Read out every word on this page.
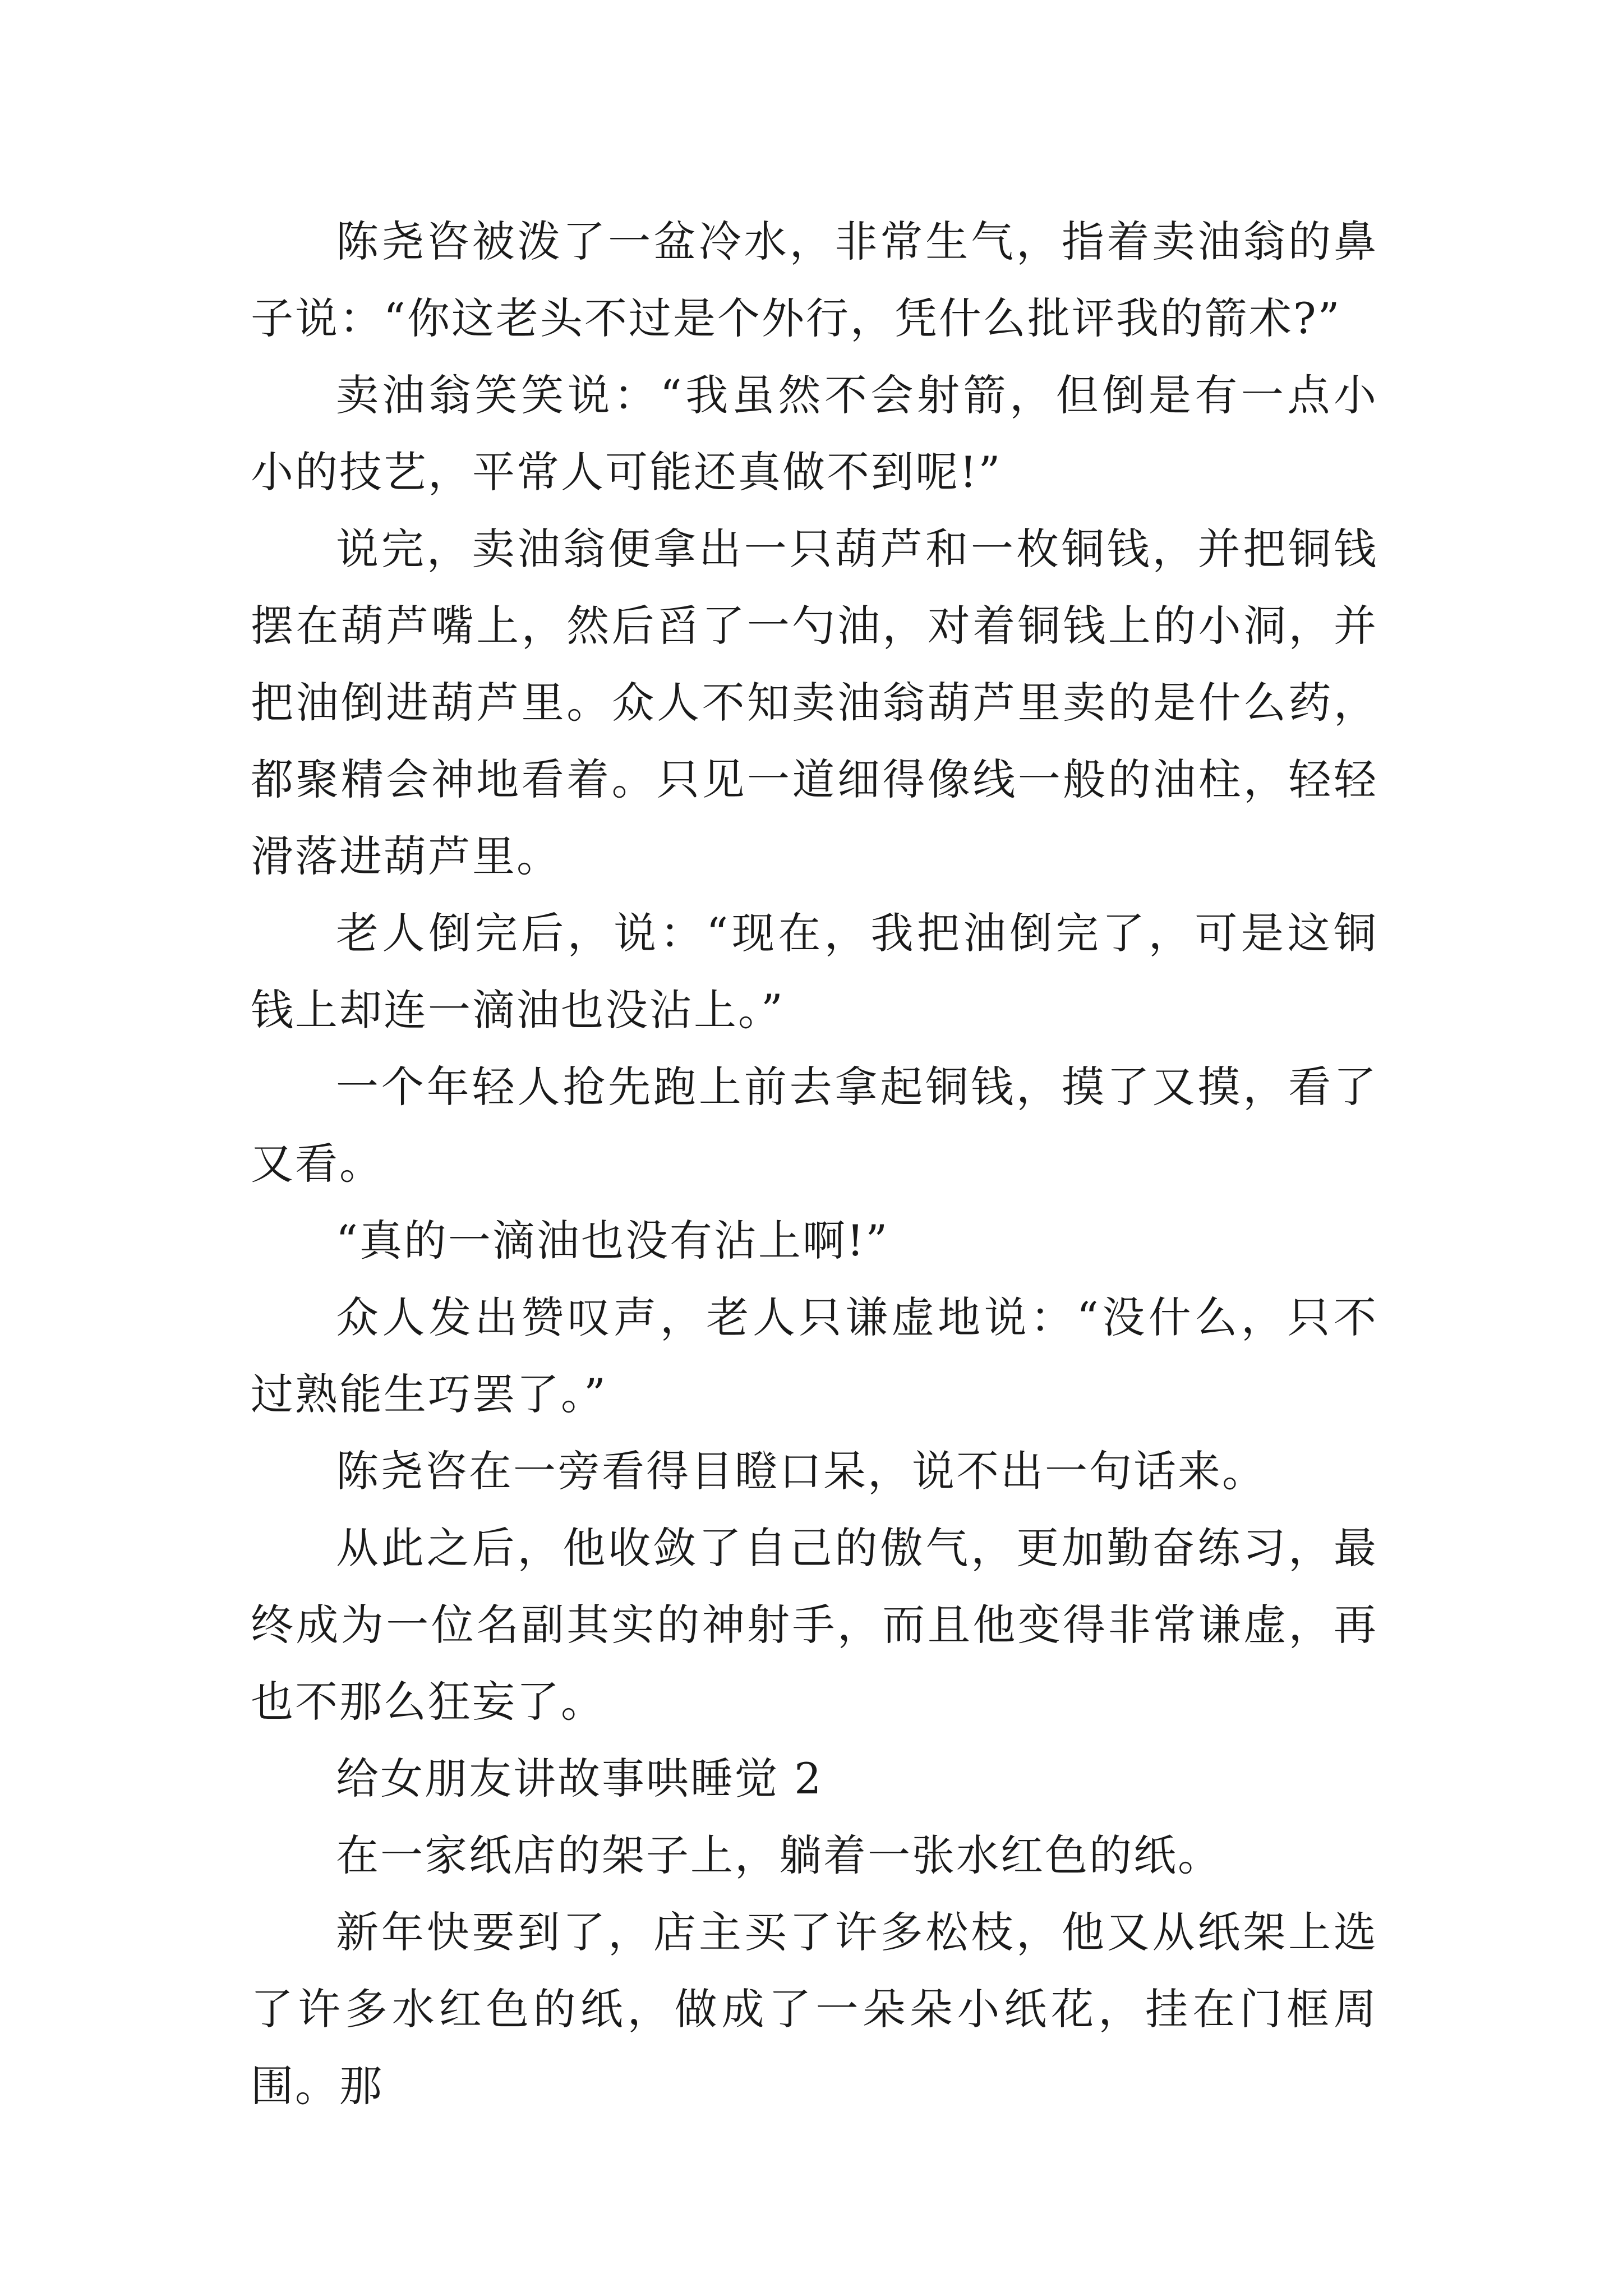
陈尧咨被泼了一盆冷水，非常生气，指着卖油翁的鼻子说：“你这老头不过是个外行，凭什么批评我的箭术?”

卖油翁笑笑说：“我虽然不会射箭，但倒是有一点小小的技艺，平常人可能还真做不到呢!”

说完，卖油翁便拿出一只葫芦和一枚铜钱，并把铜钱摆在葫芦嘴上，然后舀了一勺油，对着铜钱上的小洞，并把油倒进葫芦里。众人不知卖油翁葫芦里卖的是什么药，都聚精会神地看着。只见一道细得像线一般的油柱，轻轻滑落进葫芦里。

老人倒完后，说：“现在，我把油倒完了，可是这铜钱上却连一滴油也没沾上。”

一个年轻人抢先跑上前去拿起铜钱，摸了又摸，看了又看。

“真的一滴油也没有沾上啊!”

众人发出赞叹声，老人只谦虚地说：“没什么，只不过熟能生巧罢了。”

陈尧咨在一旁看得目瞪口呆，说不出一句话来。

从此之后，他收敛了自己的傲气，更加勤奋练习，最终成为一位名副其实的神射手，而且他变得非常谦虚，再也不那么狂妄了。

给女朋友讲故事哄睡觉 2

在一家纸店的架子上，躺着一张水红色的纸。

新年快要到了，店主买了许多松枝，他又从纸架上选了许多水红色的纸，做成了一朵朵小纸花，挂在门框周围。那
